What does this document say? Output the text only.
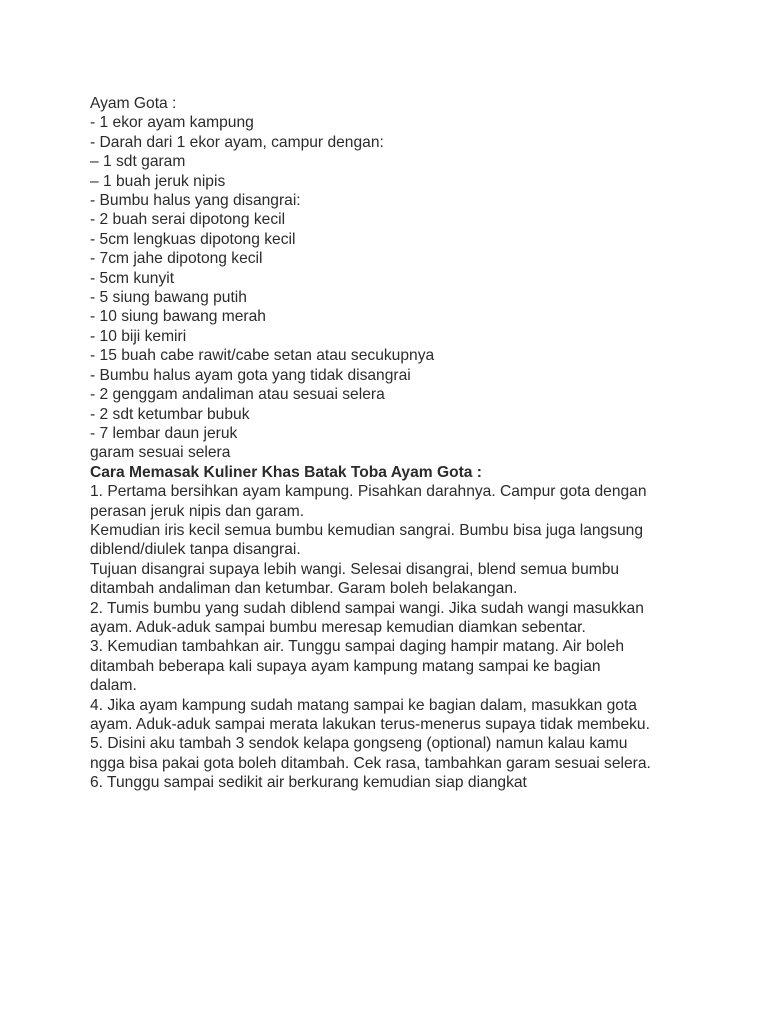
Ayam Gota :
- 1 ekor ayam kampung
- Darah dari 1 ekor ayam, campur dengan:
– 1 sdt garam
– 1 buah jeruk nipis
- Bumbu halus yang disangrai:
- 2 buah serai dipotong kecil
- 5cm lengkuas dipotong kecil
- 7cm jahe dipotong kecil
- 5cm kunyit
- 5 siung bawang putih
- 10 siung bawang merah
- 10 biji kemiri
- 15 buah cabe rawit/cabe setan atau secukupnya
- Bumbu halus ayam gota yang tidak disangrai
- 2 genggam andaliman atau sesuai selera
- 2 sdt ketumbar bubuk
- 7 lembar daun jeruk
garam sesuai selera
Cara Memasak Kuliner Khas Batak Toba Ayam Gota :
1. Pertama bersihkan ayam kampung. Pisahkan darahnya. Campur gota dengan
perasan jeruk nipis dan garam.
Kemudian iris kecil semua bumbu kemudian sangrai. Bumbu bisa juga langsung
diblend/diulek tanpa disangrai.
Tujuan disangrai supaya lebih wangi. Selesai disangrai, blend semua bumbu
ditambah andaliman dan ketumbar. Garam boleh belakangan.
2. Tumis bumbu yang sudah diblend sampai wangi. Jika sudah wangi masukkan
ayam. Aduk-aduk sampai bumbu meresap kemudian diamkan sebentar.
3. Kemudian tambahkan air. Tunggu sampai daging hampir matang. Air boleh
ditambah beberapa kali supaya ayam kampung matang sampai ke bagian
dalam.
4. Jika ayam kampung sudah matang sampai ke bagian dalam, masukkan gota
ayam. Aduk-aduk sampai merata lakukan terus-menerus supaya tidak membeku.
5. Disini aku tambah 3 sendok kelapa gongseng (optional) namun kalau kamu
ngga bisa pakai gota boleh ditambah. Cek rasa, tambahkan garam sesuai selera.
6. Tunggu sampai sedikit air berkurang kemudian siap diangkat
